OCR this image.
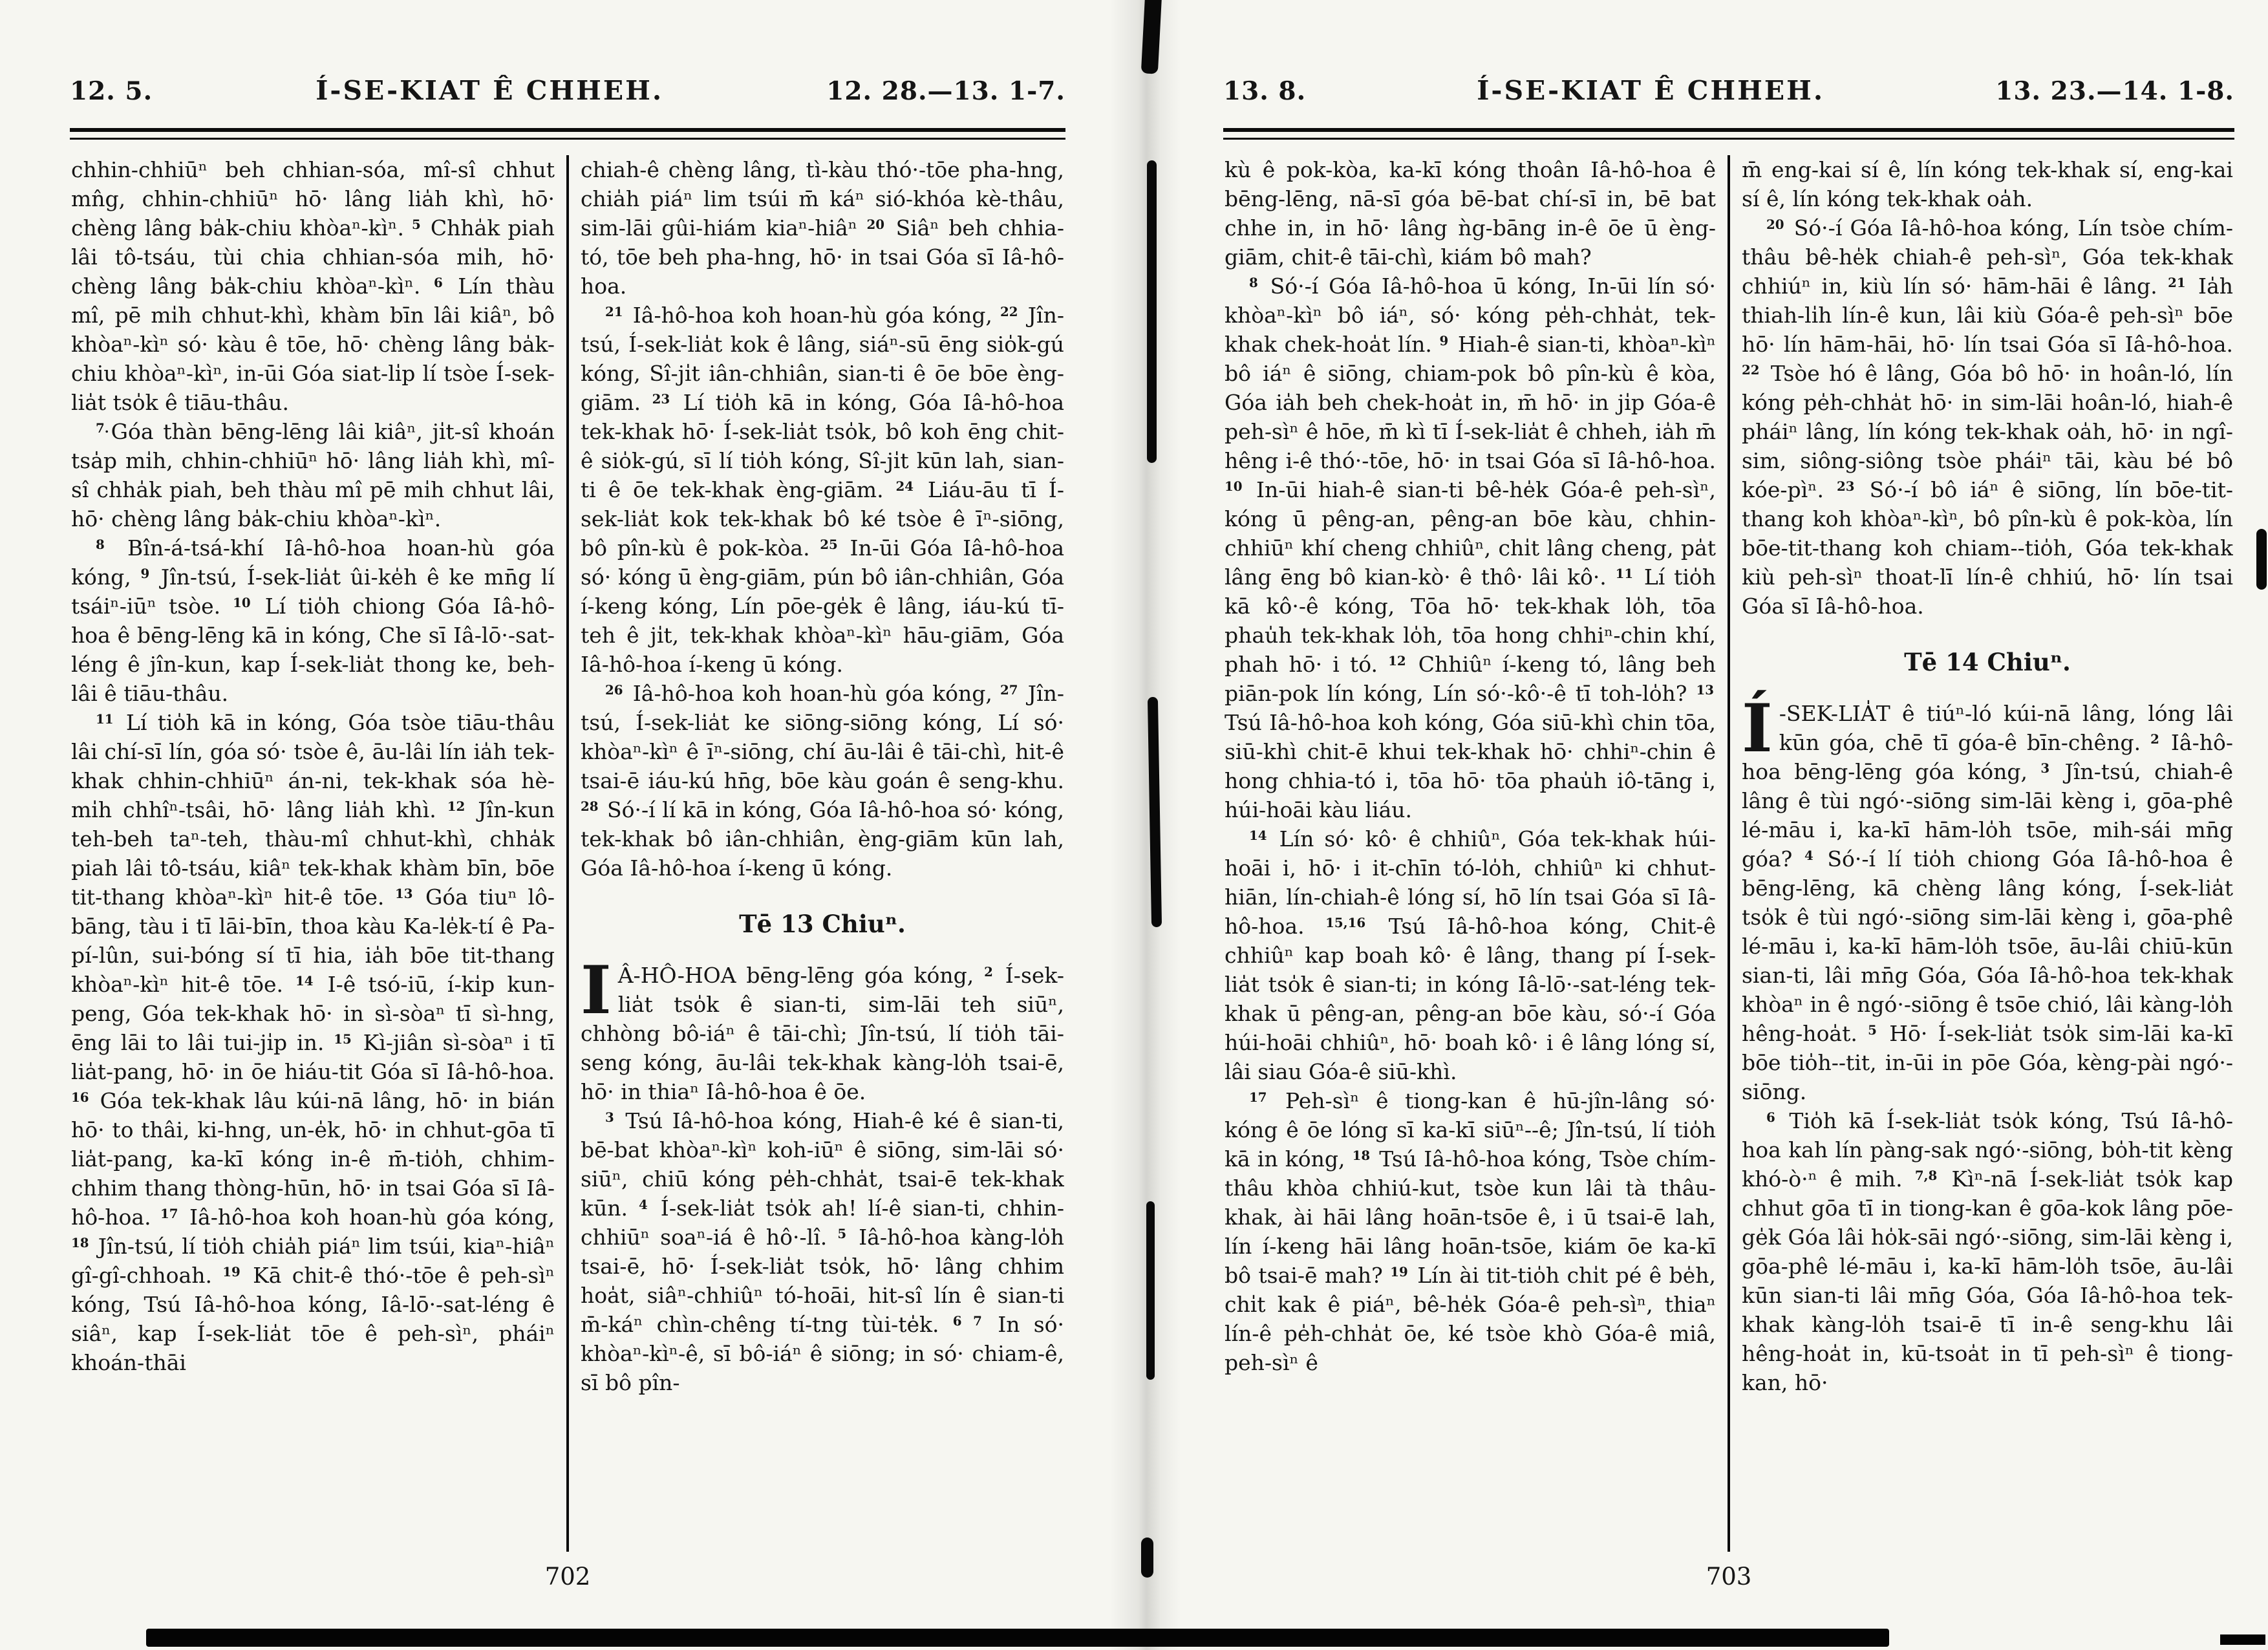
12. 5.	Í-SE-KIAT Ê CHHEH.	12. 28.—13. 1-7.

chhin-chhiūⁿ beh chhian-sóa, mî-sî chhut mn̂g, chhin-chhiūⁿ hō· lâng lia̍h khì, hō· chèng lâng ba̍k-chiu khòaⁿ-kìⁿ. $^5$ Chha̍k piah lâi tô-tsáu, tùi chia chhian-sóa mi̍h, hō· chèng lâng ba̍k-chiu khòaⁿ-kìⁿ. $^6$ Lín thàu mî, pē mi̍h chhut-khì, khàm bīn lâi kiâⁿ, bô khòaⁿ-kìⁿ só· kàu ê tōe, hō· chèng lâng ba̍k-chiu khòaⁿ-kìⁿ, in-ūi Góa siat-li̍p lí tsòe Í-sek-lia̍t tso̍k ê tiāu-thâu.

$^{7.}$Góa thàn bēng-lēng lâi kiâⁿ, ji̍t-sî khoán tsa̍p mi̍h, chhin-chhiūⁿ hō· lâng lia̍h khì, mî-sî chha̍k piah, beh thàu mî pē mi̍h chhut lâi, hō· chèng lâng ba̍k-chiu khòaⁿ-kìⁿ.

$^8$ Bîn-á-tsá-khí Iâ-hô-hoa hoan-hù góa kóng, $^9$ Jîn-tsú, Í-sek-lia̍t ûi-ke̍h ê ke mn̄g lí tsáiⁿ-iūⁿ tsòe. $^{10}$ Lí tio̍h chiong Góa Iâ-hô-hoa ê bēng-lēng kā in kóng, Che sī Iâ-lō·-sat-léng ê jîn-kun, kap Í-sek-lia̍t thong ke, beh-lâi ê tiāu-thâu.

$^{11}$ Lí tio̍h kā in kóng, Góa tsòe tiāu-thâu lâi chí-sī lín, góa só· tsòe ê, āu-lâi lín ia̍h tek-khak chhin-chhiūⁿ án-ni, tek-khak sóa hè-mi̍h chhîⁿ-tsâi, hō· lâng lia̍h khì. $^{12}$ Jîn-kun teh-beh taⁿ-teh, thàu-mî chhut-khì, chha̍k piah lâi tô-tsáu, kiâⁿ tek-khak khàm bīn, bōe tit-thang khòaⁿ-kìⁿ hit-ê tōe. $^{13}$ Góa tiuⁿ lô-bāng, tàu i tī lāi-bīn, thoa kàu Ka-le̍k-tí ê Pa-pí-lûn, sui-bóng sí tī hia, ia̍h bōe tit-thang khòaⁿ-kìⁿ hit-ê tōe. $^{14}$ I-ê tsó-iū, í-ki̍p kun-peng, Góa tek-khak hō· in sì-sòaⁿ tī sì-hng, ēng lāi to lâi tui-ji̍p in. $^{15}$ Kì-jiân sì-sòaⁿ i tī lia̍t-pang, hō· in ōe hiáu-tit Góa sī Iâ-hô-hoa. $^{16}$ Góa tek-khak lâu kúi-nā lâng, hō· in bián hō· to thâi, ki-hng, un-e̍k, hō· in chhut-gōa tī lia̍t-pang, ka-kī kóng in-ê m̄-tio̍h, chhim-chhim thang thòng-hūn, hō· in tsai Góa sī Iâ-hô-hoa. $^{17}$ Iâ-hô-hoa koh hoan-hù góa kóng, $^{18}$ Jîn-tsú, lí tio̍h chia̍h piáⁿ lim tsúi, kiaⁿ-hiâⁿ gî-gî-chhoah. $^{19}$ Kā chit-ê thó·-tōe ê peh-sìⁿ kóng, Tsú Iâ-hô-hoa kóng, Iâ-lō·-sat-léng ê siâⁿ, kap Í-sek-lia̍t tōe ê peh-sìⁿ, pháiⁿ khoán-thāi

chiah-ê chèng lâng, tì-kàu thó·-tōe pha-hng, chia̍h piáⁿ lim tsúi m̄ káⁿ sió-khóa kè-thâu, sim-lāi gûi-hiám kiaⁿ-hiâⁿ $^{20}$ Siâⁿ beh chhia-tó, tōe beh pha-hng, hō· in tsai Góa sī Iâ-hô-hoa.

$^{21}$ Iâ-hô-hoa koh hoan-hù góa kóng, $^{22}$ Jîn-tsú, Í-sek-lia̍t kok ê lâng, siáⁿ-sū ēng sio̍k-gú kóng, Sî-ji̍t iân-chhiân, sian-ti ê ōe bōe èng-giām. $^{23}$ Lí tio̍h kā in kóng, Góa Iâ-hô-hoa tek-khak hō· Í-sek-lia̍t tso̍k, bô koh ēng chit-ê sio̍k-gú, sī lí tio̍h kóng, Sî-ji̍t kūn lah, sian-ti ê ōe tek-khak èng-giām. $^{24}$ Liáu-āu tī Í-sek-lia̍t kok tek-khak bô ké tsòe ê īⁿ-siōng, bô pîn-kù ê pok-kòa. $^{25}$ In-ūi Góa Iâ-hô-hoa só· kóng ū èng-giām, pún bô iân-chhiân, Góa í-keng kóng, Lín pōe-ge̍k ê lâng, iáu-kú tī-teh ê ji̍t, tek-khak khòaⁿ-kìⁿ hāu-giām, Góa Iâ-hô-hoa í-keng ū kóng.

$^{26}$ Iâ-hô-hoa koh hoan-hù góa kóng, $^{27}$ Jîn-tsú, Í-sek-lia̍t ke siōng-siōng kóng, Lí só· khòaⁿ-kìⁿ ê īⁿ-siōng, chí āu-lâi ê tāi-chì, hit-ê tsai-ē iáu-kú hn̄g, bōe kàu goán ê seng-khu. $^{28}$ Só·-í lí kā in kóng, Góa Iâ-hô-hoa só· kóng, tek-khak bô iân-chhiân, èng-giām kūn lah, Góa Iâ-hô-hoa í-keng ū kóng.

Tē 13 Chiuⁿ.

I Â-HÔ-HOA bēng-lēng góa kóng, $^2$ Í-sek-lia̍t tso̍k ê sian-ti, sim-lāi teh siūⁿ, chhòng bô-iáⁿ ê tāi-chì; Jîn-tsú, lí tio̍h tāi-seng kóng, āu-lâi tek-khak kàng-lo̍h tsai-ē, hō· in thiaⁿ Iâ-hô-hoa ê ōe.

$^3$ Tsú Iâ-hô-hoa kóng, Hiah-ê ké ê sian-ti, bē-bat khòaⁿ-kìⁿ koh-iūⁿ ê siōng, sim-lāi só· siūⁿ, chiū kóng pe̍h-chha̍t, tsai-ē tek-khak kūn. $^4$ Í-sek-lia̍t tso̍k ah! lí-ê sian-ti, chhin-chhiūⁿ soaⁿ-iá ê hô·-lî. $^5$ Iâ-hô-hoa kàng-lo̍h tsai-ē, hō· Í-sek-lia̍t tso̍k, hō· lâng chhim hoa̍t, siâⁿ-chhiûⁿ tó-hoāi, hit-sî lín ê sian-ti m̄-káⁿ chìn-chêng tí-tng tùi-te̍k. $^{6 7}$ In só· khòaⁿ-kìⁿ-ê, sī bô-iáⁿ ê siōng; in só· chiam-ê, sī bô pîn-

702
13. 8.	Í-SE-KIAT Ê CHHEH.	13. 23.—14. 1-8.

kù ê pok-kòa, ka-kī kóng thoân Iâ-hô-hoa ê bēng-lēng, nā-sī góa bē-bat chí-sī in, bē bat chhe in, in hō· lâng ǹg-bāng in-ê ōe ū èng-giām, chit-ê tāi-chì, kiám bô mah?

$^8$ Só·-í Góa Iâ-hô-hoa ū kóng, In-ūi lín só· khòaⁿ-kìⁿ bô iáⁿ, só· kóng pe̍h-chha̍t, tek-khak chek-hoa̍t lín. $^9$ Hiah-ê sian-ti, khòaⁿ-kìⁿ bô iáⁿ ê siōng, chiam-pok bô pîn-kù ê kòa, Góa ia̍h beh chek-hoa̍t in, m̄ hō· in ji̍p Góa-ê peh-sìⁿ ê hōe, m̄ kì tī Í-sek-lia̍t ê chheh, ia̍h m̄ hêng i-ê thó·-tōe, hō· in tsai Góa sī Iâ-hô-hoa. $^{10}$ In-ūi hiah-ê sian-ti bê-he̍k Góa-ê peh-sìⁿ, kóng ū pêng-an, pêng-an bōe kàu, chhin-chhiūⁿ khí cheng chhiûⁿ, chi̍t lâng cheng, pa̍t lâng ēng bô kian-kò· ê thô· lâi kô·. $^{11}$ Lí tio̍h kā kô·-ê kóng, Tōa hō· tek-khak lo̍h, tōa phau̍h tek-khak lo̍h, tōa hong chhiⁿ-chin khí, phah hō· i tó. $^{12}$ Chhiûⁿ í-keng tó, lâng beh piān-pok lín kóng, Lín só·-kô·-ê tī toh-lo̍h? $^{13}$ Tsú Iâ-hô-hoa koh kóng, Góa siū-khì chin tōa, siū-khì chit-ē khui tek-khak hō· chhiⁿ-chin ê hong chhia-tó i, tōa hō· tōa phau̍h iô-tāng i, húi-hoāi kàu liáu.

$^{14}$ Lín só· kô· ê chhiûⁿ, Góa tek-khak húi-hoāi i, hō· i it-chīn tó-lo̍h, chhiûⁿ ki chhut-hiān, lín-chiah-ê lóng sí, hō lín tsai Góa sī Iâ-hô-hoa. $^{15,16}$ Tsú Iâ-hô-hoa kóng, Chit-ê chhiûⁿ kap boah kô· ê lâng, thang pí Í-sek-lia̍t tso̍k ê sian-ti; in kóng Iâ-lō·-sat-léng tek-khak ū pêng-an, pêng-an bōe kàu, só·-í Góa húi-hoāi chhiûⁿ, hō· boah kô· i ê lâng lóng sí, lâi siau Góa-ê siū-khì.

$^{17}$ Peh-sìⁿ ê tiong-kan ê hū-jîn-lâng só· kóng ê ōe lóng sī ka-kī siūⁿ--ê; Jîn-tsú, lí tio̍h kā in kóng, $^{18}$ Tsú Iâ-hô-hoa kóng, Tsòe chím-thâu khòa chhiú-kut, tsòe kun lâi tà thâu-khak, ài hāi lâng hoān-tsōe ê, i ū tsai-ē lah, lín í-keng hāi lâng hoān-tsōe, kiám ōe ka-kī bô tsai-ē mah? $^{19}$ Lín ài tit-tio̍h chi̍t pé ê be̍h, chi̍t kak ê piáⁿ, bê-he̍k Góa-ê peh-sìⁿ, thiaⁿ lín-ê pe̍h-chha̍t ōe, ké tsòe khò Góa-ê miâ, peh-sìⁿ ê

m̄ eng-kai sí ê, lín kóng tek-khak sí, eng-kai sí ê, lín kóng tek-khak oa̍h.

$^{20}$ Só·-í Góa Iâ-hô-hoa kóng, Lín tsòe chím-thâu bê-he̍k chiah-ê peh-sìⁿ, Góa tek-khak chhiúⁿ in, kiù lín só· hām-hāi ê lâng. $^{21}$ Ia̍h thiah-li̍h lín-ê kun, lâi kiù Góa-ê peh-sìⁿ bōe hō· lín hām-hāi, hō· lín tsai Góa sī Iâ-hô-hoa. $^{22}$ Tsòe hó ê lâng, Góa bô hō· in hoân-ló, lín kóng pe̍h-chha̍t hō· in sim-lāi hoân-ló, hiah-ê pháiⁿ lâng, lín kóng tek-khak oa̍h, hō· in ngî-sim, siông-siông tsòe pháiⁿ tāi, kàu bé bô kóe-pìⁿ. $^{23}$ Só·-í bô iáⁿ ê siōng, lín bōe-tit-thang koh khòaⁿ-kìⁿ, bô pîn-kù ê pok-kòa, lín bōe-tit-thang koh chiam--tio̍h, Góa tek-khak kiù peh-sìⁿ thoat-lī lín-ê chhiú, hō· lín tsai Góa sī Iâ-hô-hoa.

Tē 14 Chiuⁿ.

Í -SEK-LIA̍T ê tiúⁿ-ló kúi-nā lâng, lóng lâi kūn góa, chē tī góa-ê bīn-chêng. $^2$ Iâ-hô-hoa bēng-lēng góa kóng, $^3$ Jîn-tsú, chiah-ê lâng ê tùi ngó·-siōng sim-lāi kèng i, gōa-phê lé-māu i, ka-kī hām-lo̍h tsōe, mih-sái mn̄g góa? $^4$ Só·-í lí tio̍h chiong Góa Iâ-hô-hoa ê bēng-lēng, kā chèng lâng kóng, Í-sek-lia̍t tso̍k ê tùi ngó·-siōng sim-lāi kèng i, gōa-phê lé-māu i, ka-kī hām-lo̍h tsōe, āu-lâi chiū-kūn sian-ti, lâi mn̄g Góa, Góa Iâ-hô-hoa tek-khak khòaⁿ in ê ngó·-siōng ê tsōe chió, lâi kàng-lo̍h hêng-hoa̍t. $^5$ Hō· Í-sek-lia̍t tso̍k sim-lāi ka-kī bōe tio̍h--tit, in-ūi in pōe Góa, kèng-pài ngó·-siōng.

$^6$ Tio̍h kā Í-sek-lia̍t tso̍k kóng, Tsú Iâ-hô-hoa kah lín pàng-sak ngó·-siōng, bo̍h-tit kèng khó-ò·ⁿ ê mih. $^{7,8}$ Kìⁿ-nā Í-sek-lia̍t tso̍k kap chhut gōa tī in tiong-kan ê gōa-kok lâng pōe-ge̍k Góa lâi ho̍k-sāi ngó·-siōng, sim-lāi kèng i, gōa-phê lé-māu i, ka-kī hām-lo̍h tsōe, āu-lâi kūn sian-ti lâi mn̄g Góa, Góa Iâ-hô-hoa tek-khak kàng-lo̍h tsai-ē tī in-ê seng-khu lâi hêng-hoa̍t in, kū-tsoa̍t in tī peh-sìⁿ ê tiong-kan, hō·

703
